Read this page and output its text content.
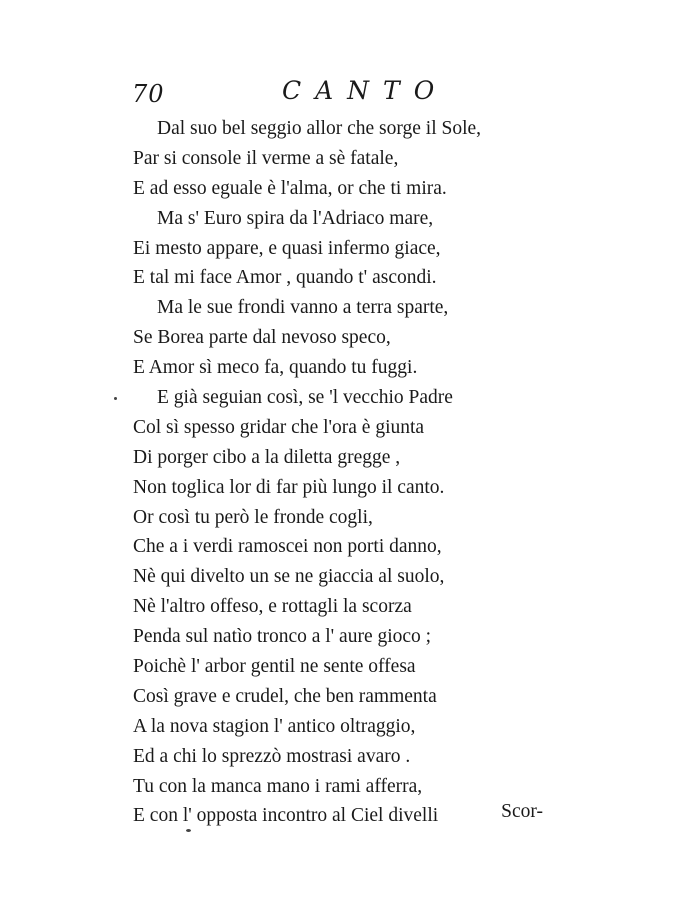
70	CANTO
Dal suo bel seggio allor che sorge il Sole,
Par si console il verme a sè fatale,
E ad esso eguale è l'alma, or che ti mira.
Ma s' Euro spira da l'Adriaco mare,
Ei mesto appare, e quasi infermo giace,
E tal mi face Amor , quando t' ascondi.
Ma le sue frondi vanno a terra sparte,
Se Borea parte dal nevoso speco,
E Amor sì meco fa, quando tu fuggi.
E già seguian così, se 'l vecchio Padre
Col sì spesso gridar che l'ora è giunta
Di porger cibo a la diletta gregge ,
Non toglica lor di far più lungo il canto.
Or così tu però le fronde cogli,
Che a i verdi ramoscei non porti danno,
Nè qui divelto un se ne giaccia al suolo,
Nè l'altro offeso, e rottagli la scorza
Penda sul natìo tronco a l' aure gioco ;
Poichè l' arbor gentil ne sente offesa
Così grave e crudel, che ben rammenta
A la nova stagion l' antico oltraggio,
Ed a chi lo sprezzò mostrasi avaro .
Tu con la manca mano i rami afferra,
E con l' opposta incontro al Ciel divelli	Scor-
